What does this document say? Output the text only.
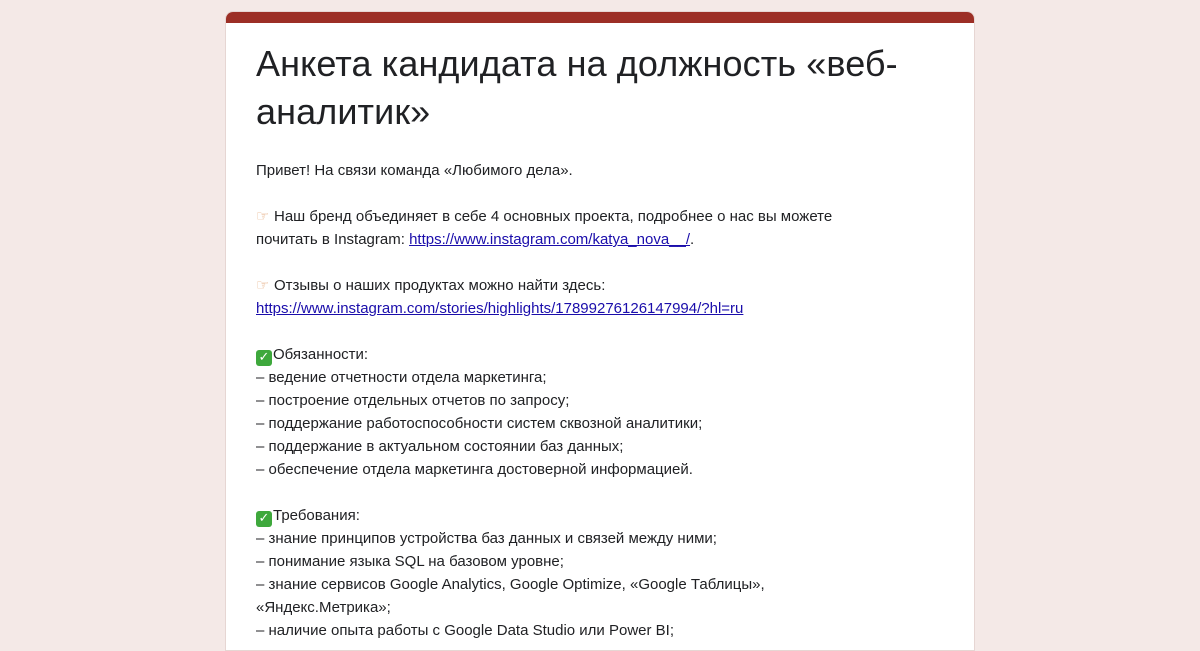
Анкета кандидата на должность «веб-
аналитик»
Привет! На связи команда «Любимого дела».
☞ Наш бренд объединяет в себе 4 основных проекта, подробнее о нас вы можете
почитать в Instagram: https://www.instagram.com/katya_nova__/.
☞ Отзывы о наших продуктах можно найти здесь:
https://www.instagram.com/stories/highlights/17899276126147994/?hl=ru
✓ Обязанности:
– ведение отчетности отдела маркетинга;
– построение отдельных отчетов по запросу;
– поддержание работоспособности систем сквозной аналитики;
– поддержание в актуальном состоянии баз данных;
– обеспечение отдела маркетинга достоверной информацией.
✓ Требования:
– знание принципов устройства баз данных и связей между ними;
– понимание языка SQL на базовом уровне;
– знание сервисов Google Analytics, Google Optimize, «Google Таблицы»,
«Яндекс.Метрика»;
– наличие опыта работы с Google Data Studio или Power BI;
